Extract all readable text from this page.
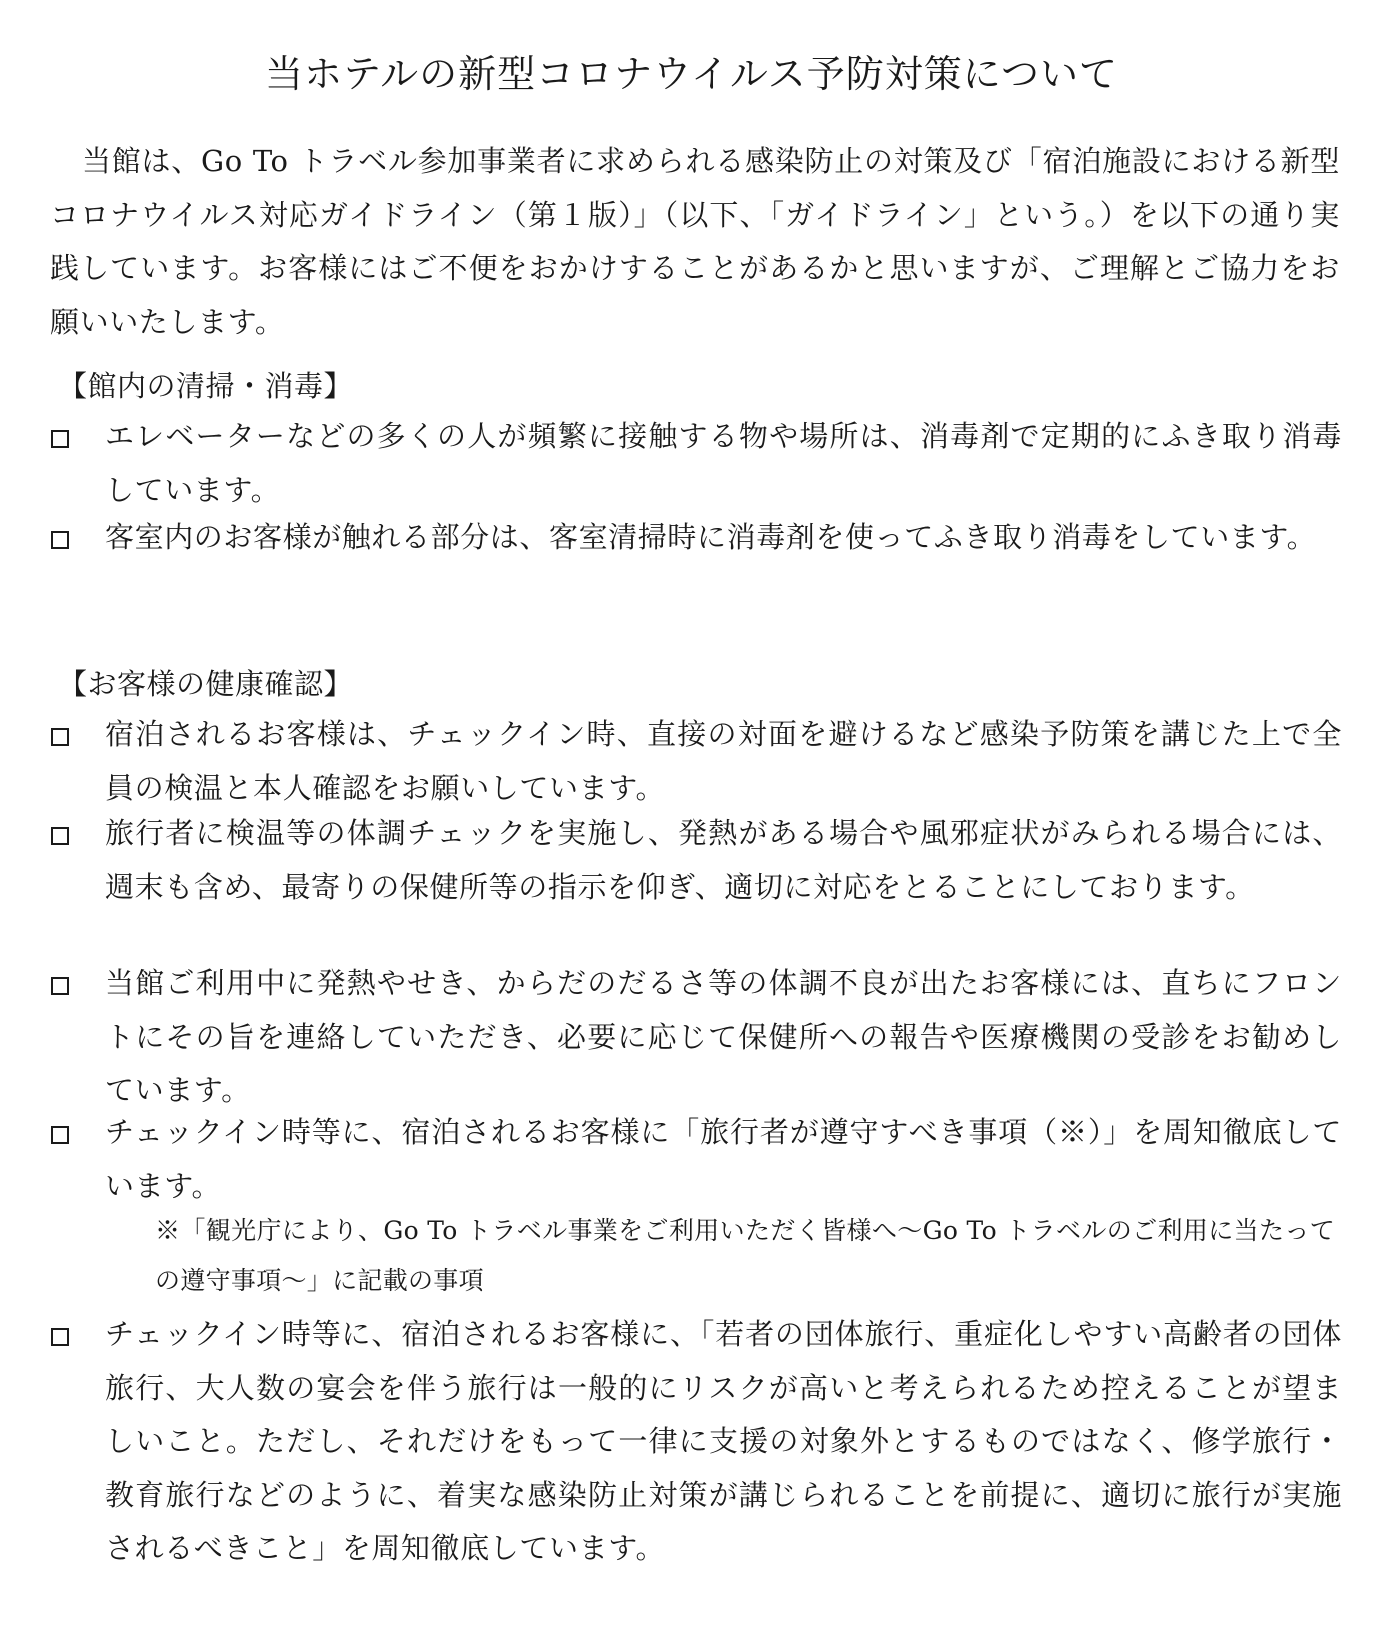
当ホテルの新型コロナウイルス予防対策について
当館は、Go To トラベル参加事業者に求められる感染防止の対策及び「宿泊施設における新型コロナウイルス対応ガイドライン（第１版）」（以下、「ガイドライン」という。）を以下の通り実践しています。お客様にはご不便をおかけすることがあるかと思いますが、ご理解とご協力をお願いいたします。
【館内の清掃・消毒】
エレベーターなどの多くの人が頻繁に接触する物や場所は、消毒剤で定期的にふき取り消毒しています。
客室内のお客様が触れる部分は、客室清掃時に消毒剤を使ってふき取り消毒をしています。
【お客様の健康確認】
宿泊されるお客様は、チェックイン時、直接の対面を避けるなど感染予防策を講じた上で全員の検温と本人確認をお願いしています。
旅行者に検温等の体調チェックを実施し、発熱がある場合や風邪症状がみられる場合には、週末も含め、最寄りの保健所等の指示を仰ぎ、適切に対応をとることにしております。
当館ご利用中に発熱やせき、からだのだるさ等の体調不良が出たお客様には、直ちにフロントにその旨を連絡していただき、必要に応じて保健所への報告や医療機関の受診をお勧めしています。
チェックイン時等に、宿泊されるお客様に「旅行者が遵守すべき事項（※）」を周知徹底しています。
※「観光庁により、Go To トラベル事業をご利用いただく皆様へ～Go To トラベルのご利用に当たっての遵守事項～」に記載の事項
チェックイン時等に、宿泊されるお客様に、「若者の団体旅行、重症化しやすい高齢者の団体旅行、大人数の宴会を伴う旅行は一般的にリスクが高いと考えられるため控えることが望ましいこと。ただし、それだけをもって一律に支援の対象外とするものではなく、修学旅行・教育旅行などのように、着実な感染防止対策が講じられることを前提に、適切に旅行が実施されるべきこと」を周知徹底しています。
